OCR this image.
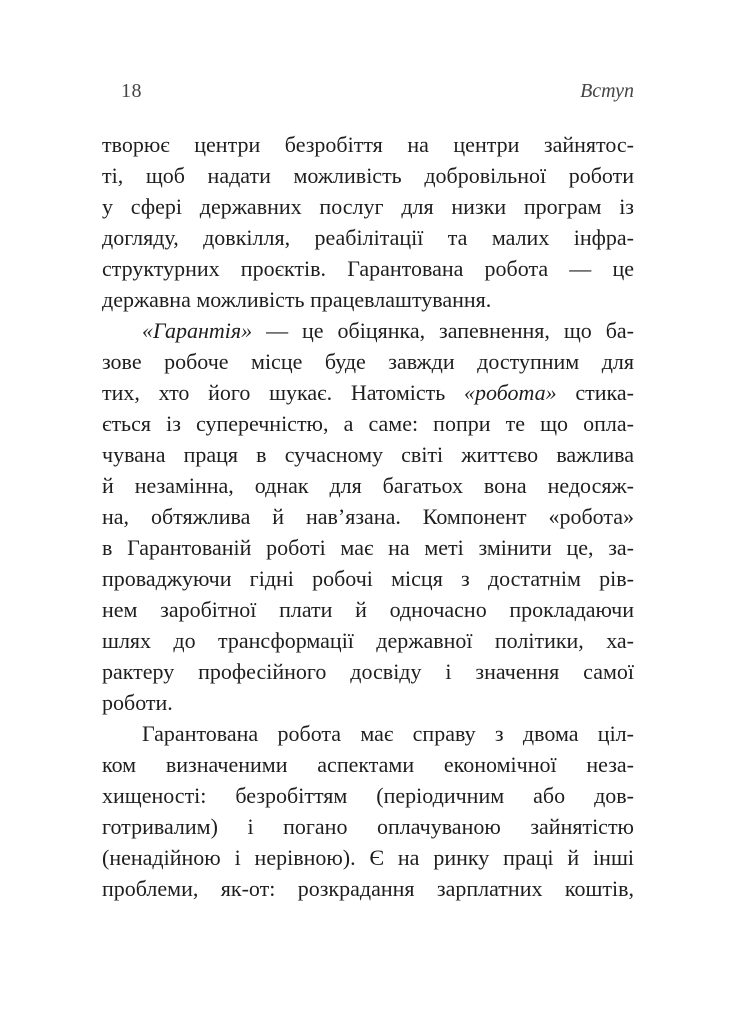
18	Вступ
творює центри безробіття на центри зайнятос-
ті, щоб надати можливість добровільної роботи
у сфері державних послуг для низки програм із
догляду, довкілля, реабілітації та малих інфра-
структурних проєктів. Гарантована робота — це
державна можливість працевлаштування.
«Гарантія» — це обіцянка, запевнення, що ба-
зове робоче місце буде завжди доступним для
тих, хто його шукає. Натомість «робота» стика-
ється із суперечністю, а саме: попри те що опла-
чувана праця в сучасному світі життєво важлива
й незамінна, однак для багатьох вона недосяж-
на, обтяжлива й нав’язана. Компонент «робота»
в Гарантованій роботі має на меті змінити це, за-
проваджуючи гідні робочі місця з достатнім рів-
нем заробітної плати й одночасно прокладаючи
шлях до трансформації державної політики, ха-
рактеру професійного досвіду і значення самої
роботи.
Гарантована робота має справу з двома ціл-
ком визначеними аспектами економічної неза-
хищеності: безробіттям (періодичним або дов-
готривалим) і погано оплачуваною зайнятістю
(ненадійною і нерівною). Є на ринку праці й інші
проблеми, як-от: розкрадання зарплатних коштів,
